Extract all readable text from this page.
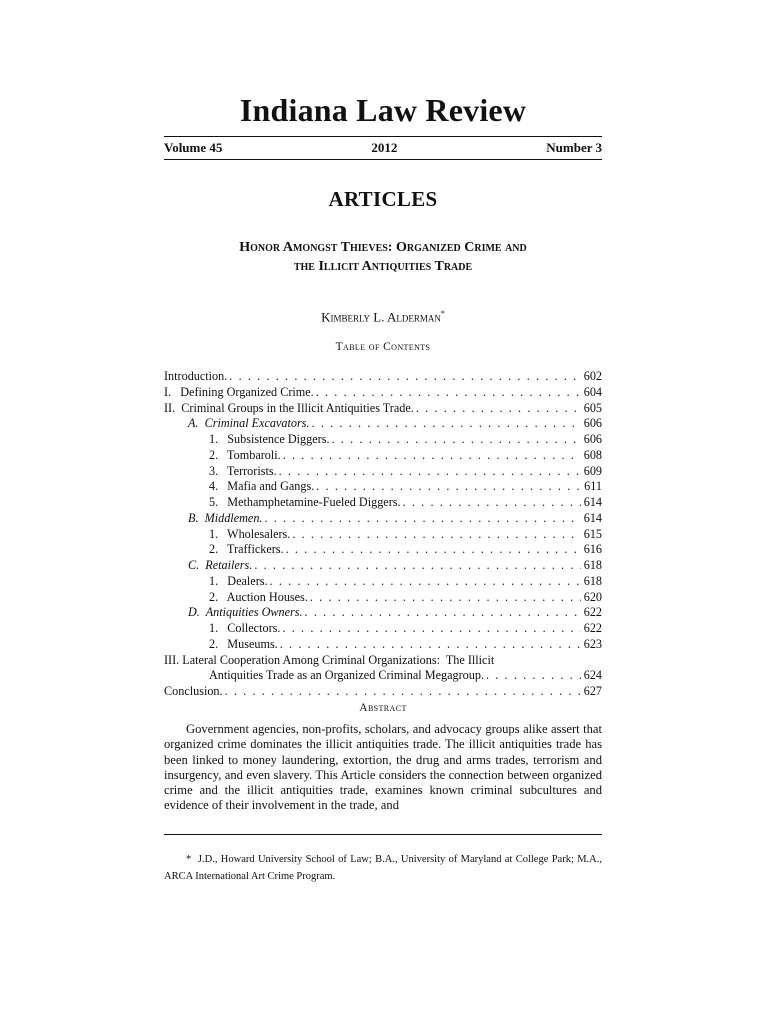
Indiana Law Review
Volume 45	2012	Number 3
ARTICLES
Honor Amongst Thieves: Organized Crime and
the Illicit Antiquities Trade
Kimberly L. Alderman*
Table of Contents
Introduction. . . .	602
I.   Defining Organized Crime. . . .	604
II.  Criminal Groups in the Illicit Antiquities Trade. . . .	605
A.  Criminal Excavators. . . .	606
1.   Subsistence Diggers. . . .	606
2.   Tombaroli. . . .	608
3.   Terrorists. . . .	609
4.   Mafia and Gangs. . . .	611
5.   Methamphetamine-Fueled Diggers. . . .	614
B.  Middlemen. . . .	614
1.   Wholesalers. . . .	615
2.   Traffickers. . . .	616
C.  Retailers. . . .	618
1.   Dealers. . . .	618
2.   Auction Houses. . . .	620
D.  Antiquities Owners. . . .	622
1.   Collectors. . . .	622
2.   Museums. . . .	623
III. Lateral Cooperation Among Criminal Organizations:  The Illicit
Antiquities Trade as an Organized Criminal Megagroup. . . .	624
Conclusion. . . .	627
Abstract

Government agencies, non-profits, scholars, and advocacy groups alike assert that organized crime dominates the illicit antiquities trade. The illicit antiquities trade has been linked to money laundering, extortion, the drug and arms trades, terrorism and insurgency, and even slavery. This Article considers the connection between organized crime and the illicit antiquities trade, examines known criminal subcultures and evidence of their involvement in the trade, and

* J.D., Howard University School of Law; B.A., University of Maryland at College Park; M.A., ARCA International Art Crime Program.
